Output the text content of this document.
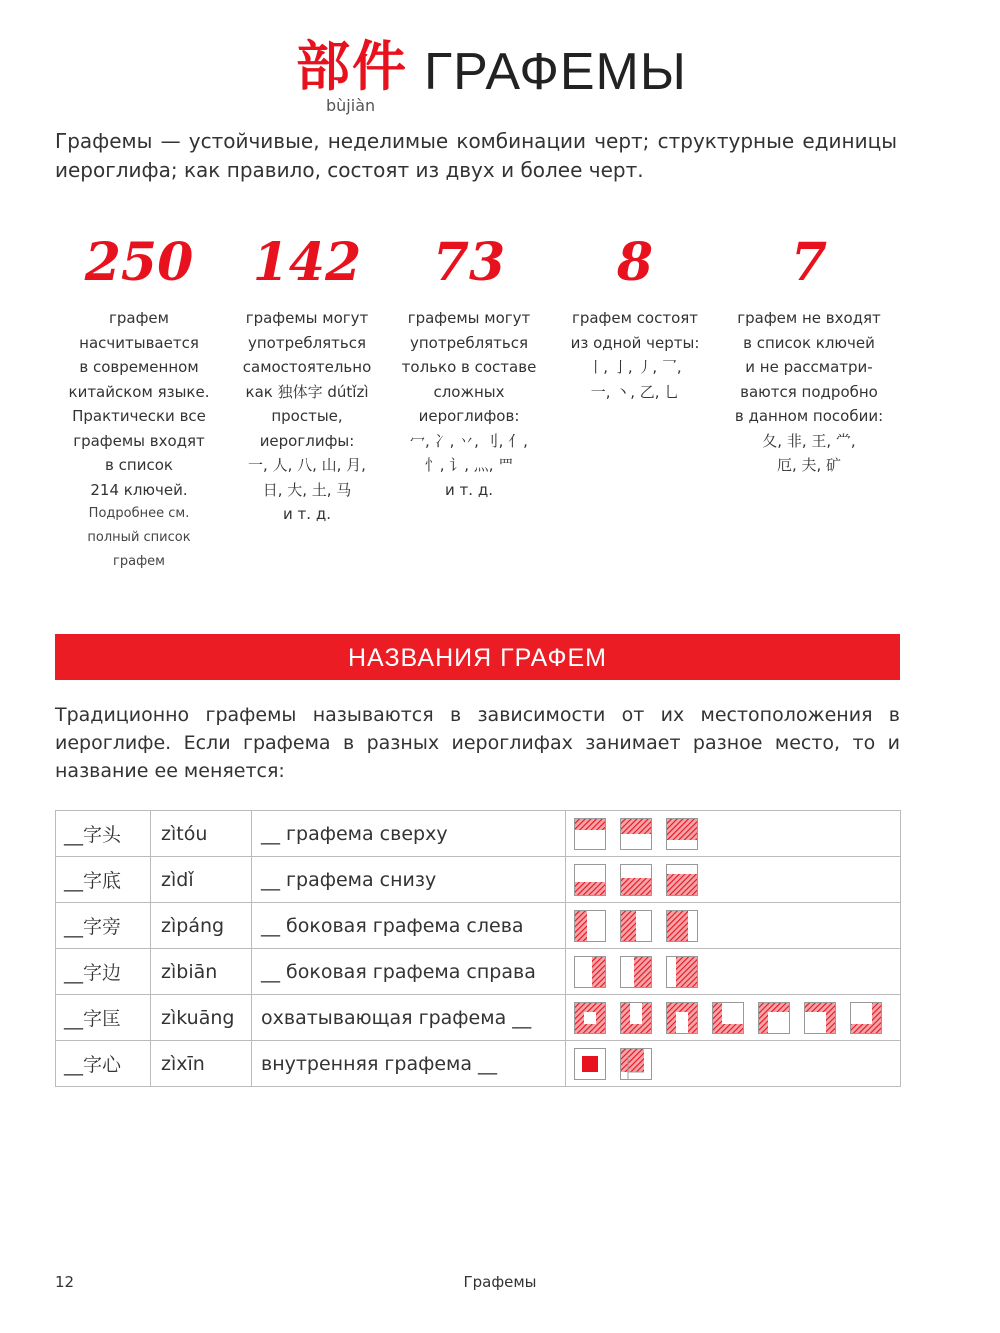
部件
bùjiàn
ГРАФЕМЫ
Графемы — устойчивые, неделимые комбинации черт; структурные единицы иероглифа; как правило, состоят из двух и более черт.
250
графем
насчитывается
в современном
китайском языке.
Практически все
графемы входят
в список
214 ключей.
Подробнее см.
полный список
графем
142
графемы могут
употребляться
самостоятельно
как 独体字 dútǐzì
простые,
иероглифы:
一, 人, 八, 山, 月,
日, 大, 土, 马
и т. д.
73
графемы могут
употребляться
только в составе
сложных
иероглифов:
冖, 冫, 丷, 刂, 亻,
忄, 讠, 灬, 罒
и т. д.
8
графем состоят
из одной черты:
丨, 亅, 丿, 乛,
一, 丶, 乙, 乚
7
графем не входят
в список ключей
и не рассматри-
ваются подробно
в данном пособии:
夂, 非, 王, 龸,
厄, 夫, 矿
НАЗВАНИЯ ГРАФЕМ
Традиционно графемы называются в зависимости от их местоположения в иероглифе. Если графема в разных иероглифах занимает разное место, то и название ее меняется:
__字头	zìtóu	__ графема сверху	
__字底	zìdǐ	__ графема снизу	
__字旁	zìpáng	__ боковая графема слева	
__字边	zìbiān	__ боковая графема справа	
__字匡	zìkuāng	охватывающая графема __	
__字心	zìxīn	внутренняя графема __	
12	Графемы
